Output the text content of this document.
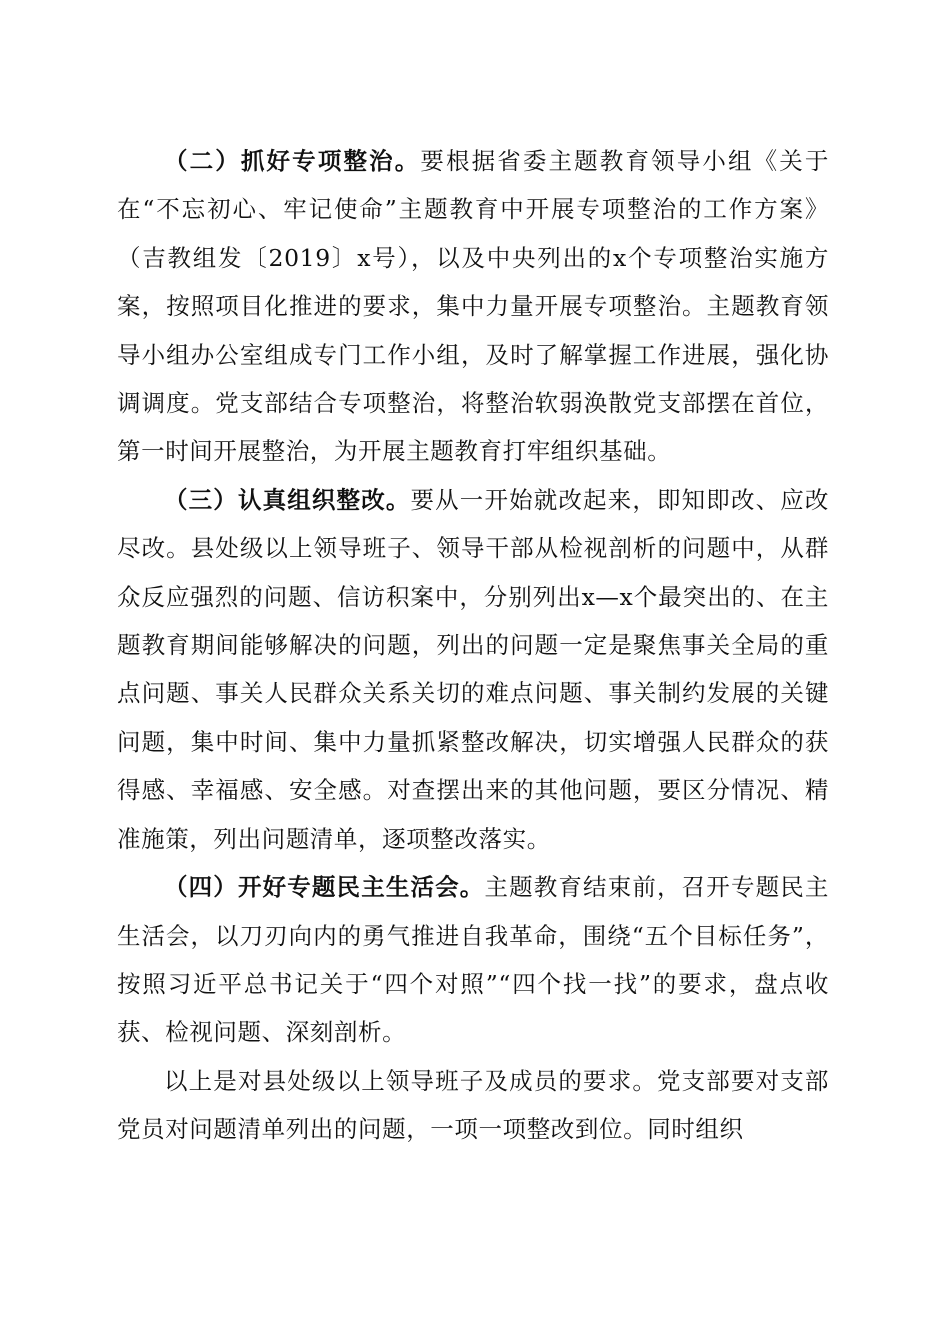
（二）抓好专项整治。要根据省委主题教育领导小组《关于在“不忘初心、牢记使命”主题教育中开展专项整治的工作方案》（吉教组发〔2019〕x号），以及中央列出的x个专项整治实施方案，按照项目化推进的要求，集中力量开展专项整治。主题教育领导小组办公室组成专门工作小组，及时了解掌握工作进展，强化协调调度。党支部结合专项整治，将整治软弱涣散党支部摆在首位，第一时间开展整治，为开展主题教育打牢组织基础。

（三）认真组织整改。要从一开始就改起来，即知即改、应改尽改。县处级以上领导班子、领导干部从检视剖析的问题中，从群众反应强烈的问题、信访积案中，分别列出x—x个最突出的、在主题教育期间能够解决的问题，列出的问题一定是聚焦事关全局的重点问题、事关人民群众关系关切的难点问题、事关制约发展的关键问题，集中时间、集中力量抓紧整改解决，切实增强人民群众的获得感、幸福感、安全感。对查摆出来的其他问题，要区分情况、精准施策，列出问题清单，逐项整改落实。

（四）开好专题民主生活会。主题教育结束前，召开专题民主生活会，以刀刃向内的勇气推进自我革命，围绕“五个目标任务”，按照习近平总书记关于“四个对照”“四个找一找”的要求，盘点收获、检视问题、深刻剖析。

以上是对县处级以上领导班子及成员的要求。党支部要对支部党员对问题清单列出的问题，一项一项整改到位。同时组织
